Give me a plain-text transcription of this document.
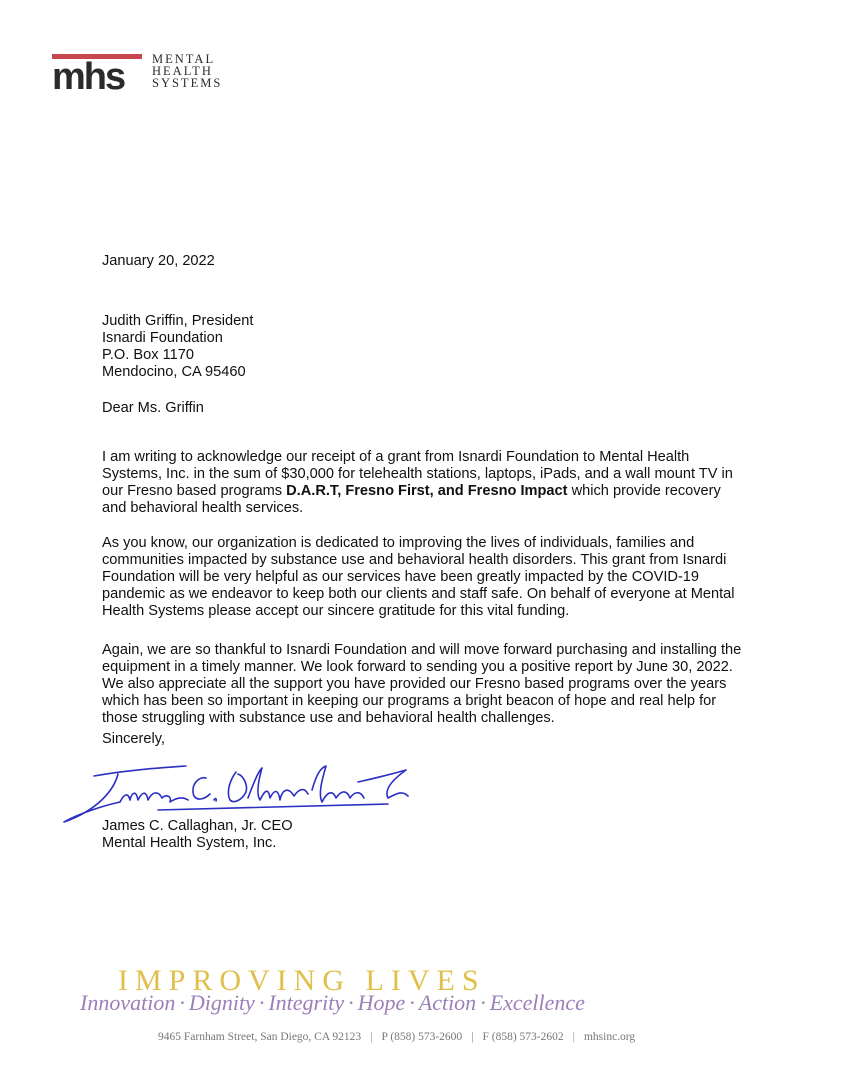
mhs MENTAL
HEALTH
SYSTEMS
January 20, 2022

Judith Griffin, President

Isnardi Foundation

P.O. Box 1170

Mendocino, CA 95460

Dear Ms. Griffin

I am writing to acknowledge our receipt of a grant from Isnardi Foundation to Mental Health Systems, Inc. in the sum of $30,000 for telehealth stations, laptops, iPads, and a wall mount TV in our Fresno based programs D.A.R.T, Fresno First, and Fresno Impact which provide recovery and behavioral health services.

As you know, our organization is dedicated to improving the lives of individuals, families and communities impacted by substance use and behavioral health disorders. This grant from Isnardi Foundation will be very helpful as our services have been greatly impacted by the COVID-19 pandemic as we endeavor to keep both our clients and staff safe. On behalf of everyone at Mental Health Systems please accept our sincere gratitude for this vital funding.

Again, we are so thankful to Isnardi Foundation and will move forward purchasing and installing the equipment in a timely manner. We look forward to sending you a positive report by June 30, 2022. We also appreciate all the support you have provided our Fresno based programs over the years which has been so important in keeping our programs a bright beacon of hope and real help for those struggling with substance use and behavioral health challenges.

Sincerely,

James C. Callaghan, Jr. CEO

Mental Health System, Inc.

IMPROVING LIVES
Innovation · Dignity · Integrity · Hope · Action · Excellence
9465 Farnham Street, San Diego, CA 92123 | P (858) 573-2600 | F (858) 573-2602 | mhsinc.org
